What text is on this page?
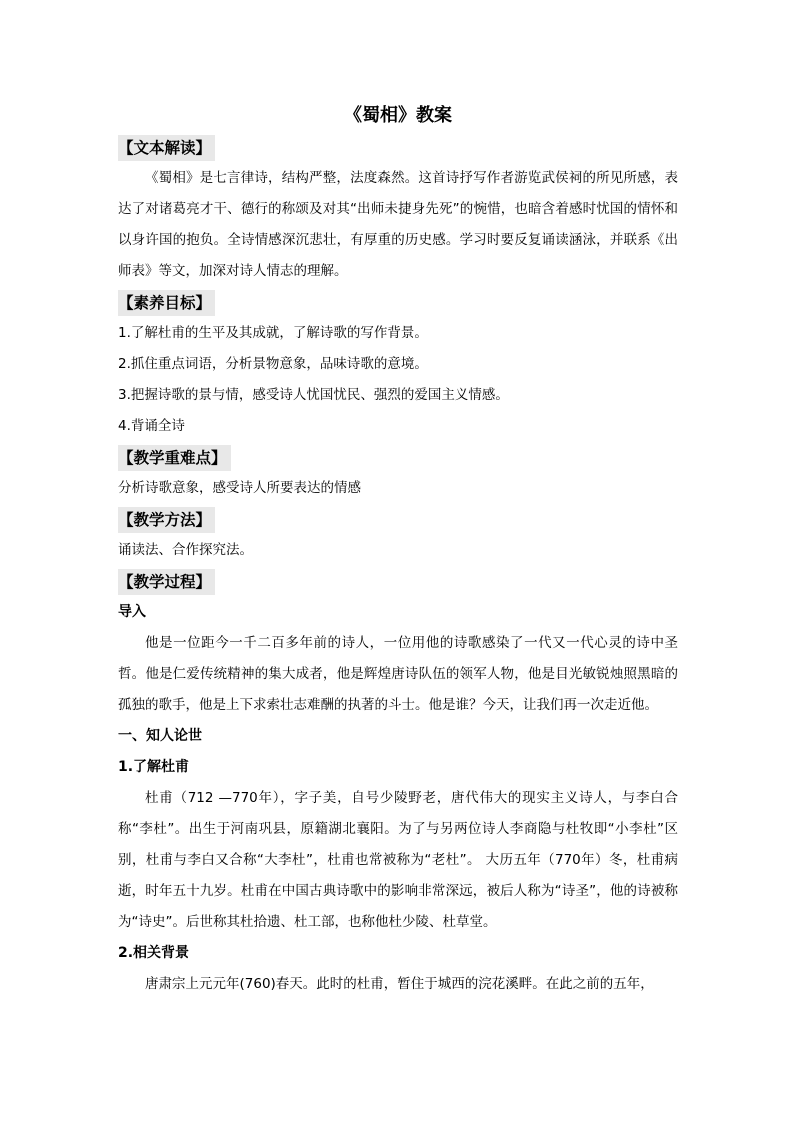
《蜀相》教案
【文本解读】

《蜀相》是七言律诗，结构严整，法度森然。这首诗抒写作者游览武侯祠的所见所感，表达了对诸葛亮才干、德行的称颂及对其“出师未捷身先死”的惋惜，也暗含着感时忧国的情怀和以身许国的抱负。全诗情感深沉悲壮，有厚重的历史感。学习时要反复诵读涵泳，并联系《出师表》等文，加深对诗人情志的理解。

【素养目标】

1.了解杜甫的生平及其成就，了解诗歌的写作背景。

2.抓住重点词语，分析景物意象，品味诗歌的意境。

3.把握诗歌的景与情，感受诗人忧国忧民、强烈的爱国主义情感。

4.背诵全诗

【教学重难点】

分析诗歌意象，感受诗人所要表达的情感

【教学方法】

诵读法、合作探究法。

【教学过程】

导入

他是一位距今一千二百多年前的诗人，一位用他的诗歌感染了一代又一代心灵的诗中圣哲。他是仁爱传统精神的集大成者，他是辉煌唐诗队伍的领军人物，他是目光敏锐烛照黑暗的孤独的歌手，他是上下求索壮志难酬的执著的斗士。他是谁？今天，让我们再一次走近他。

一、知人论世

1.了解杜甫

杜甫（712 —770年），字子美，自号少陵野老，唐代伟大的现实主义诗人，与李白合称“李杜”。出生于河南巩县，原籍湖北襄阳。为了与另两位诗人李商隐与杜牧即“小李杜”区别，杜甫与李白又合称“大李杜”，杜甫也常被称为“老杜”。 大历五年（770年）冬，杜甫病逝，时年五十九岁。杜甫在中国古典诗歌中的影响非常深远，被后人称为“诗圣”，他的诗被称为“诗史”。后世称其杜拾遗、杜工部，也称他杜少陵、杜草堂。

2.相关背景

唐肃宗上元元年(760)春天。此时的杜甫，暂住于城西的浣花溪畔。在此之前的五年，
